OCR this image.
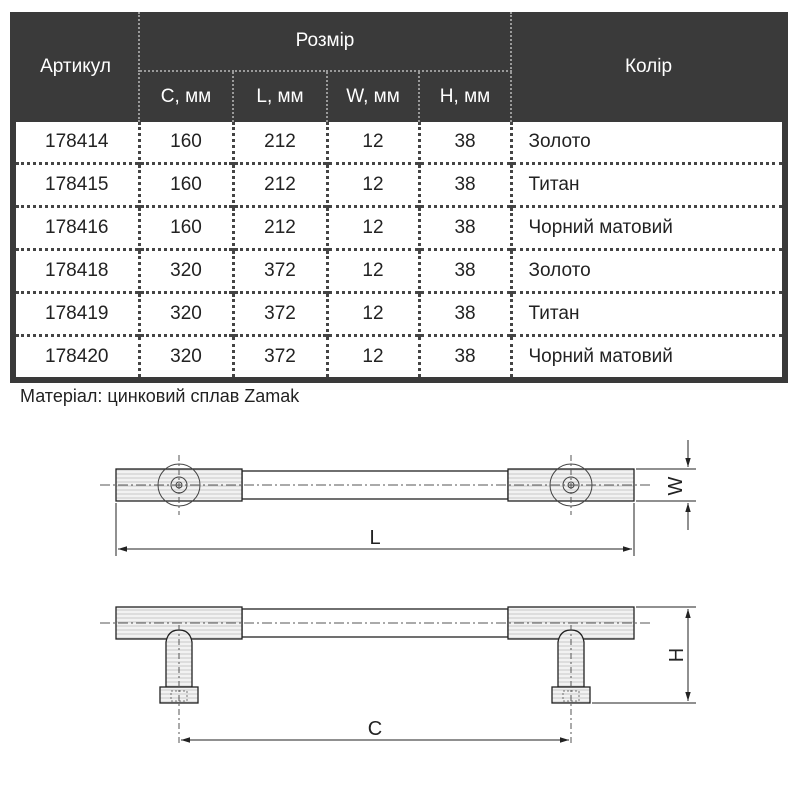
Артикул	Розмір				Колір
	C, мм	L, мм	W, мм	H, мм	
178414	160	212	12	38	Золото
178415	160	212	12	38	Титан
178416	160	212	12	38	Чорний матовий
178418	320	372	12	38	Золото
178419	320	372	12	38	Титан
178420	320	372	12	38	Чорний матовий
Матеріал: цинковий сплав Zamak
L
W
C
H
